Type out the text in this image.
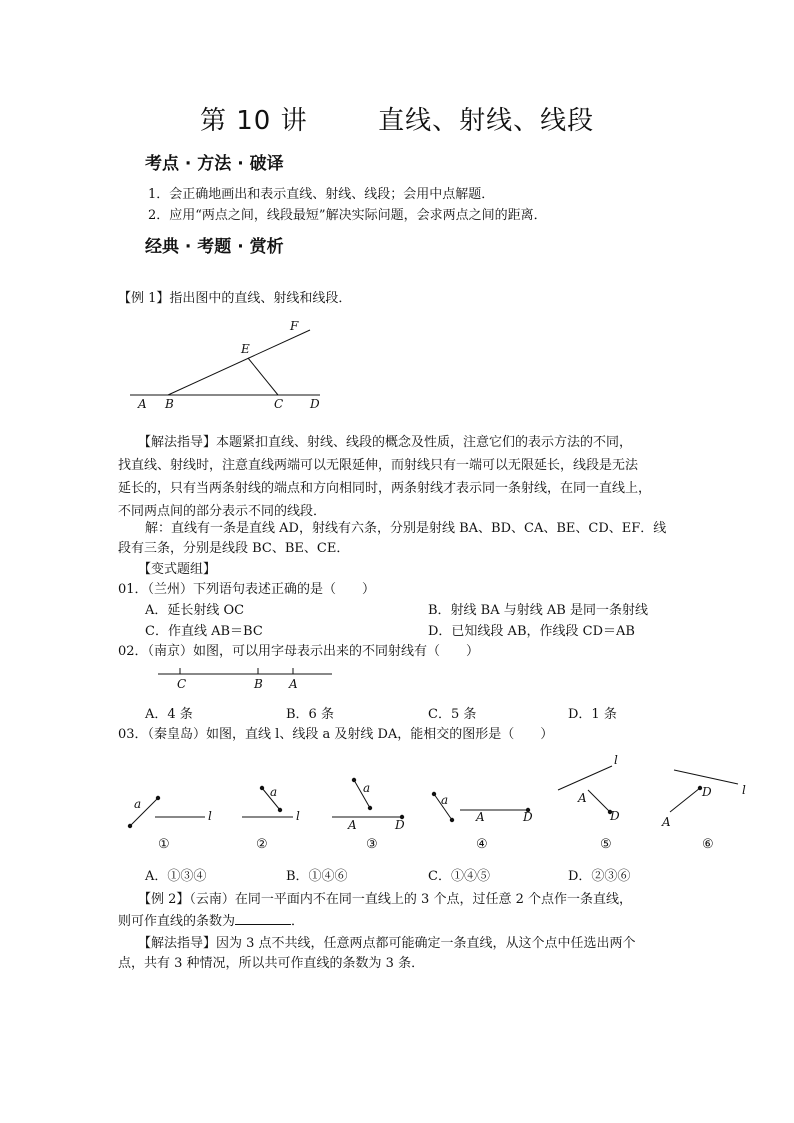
第 10 讲	直线、射线、线段
考点 · 方法 · 破译
1．会正确地画出和表示直线、射线、线段；会用中点解题．
2．应用“两点之间，线段最短”解决实际问题，会求两点之间的距离．
经典 · 考题 · 赏析
【例 1】指出图中的直线、射线和线段．
F
E
A B	C D
【解法指导】本题紧扣直线、射线、线段的概念及性质，注意它们的表示方法的不同，
找直线、射线时，注意直线两端可以无限延伸，而射线只有一端可以无限延长，线段是无法
延长的，只有当两条射线的端点和方向相同时，两条射线才表示同一条射线，在同一直线上，
不同两点间的部分表示不同的线段．
解：直线有一条是直线 AD，射线有六条，分别是射线 BA、BD、CA、BE、CD、EF．线
段有三条，分别是线段 BC、BE、CE．
【变式题组】
01．（兰州）下列语句表述正确的是（　　）
A．延长射线 OC	B．射线 BA 与射线 AB 是同一条射线
C．作直线 AB＝BC	D．已知线段 AB，作线段 CD＝AB
02．（南京）如图，可以用字母表示出来的不同射线有（　　）
C	B A
A．4 条	B．6 条	C．5 条	D．1 条
03．（秦皇岛）如图，直线 l、线段 a 及射线 DA，能相交的图形是（　　）
a
l
①
a
l
②
a
A	D
③
a
A	D
④
l
A
D
⑤
l
A
D
⑥
A．①③④	B．①④⑥	C．①④⑤	D．②③⑥
【例 2】（云南）在同一平面内不在同一直线上的 3 个点，过任意 2 个点作一条直线，
则可作直线的条数为	．
【解法指导】因为 3 点不共线，任意两点都可能确定一条直线，从这个点中任选出两个
点，共有 3 种情况，所以共可作直线的条数为 3 条．
